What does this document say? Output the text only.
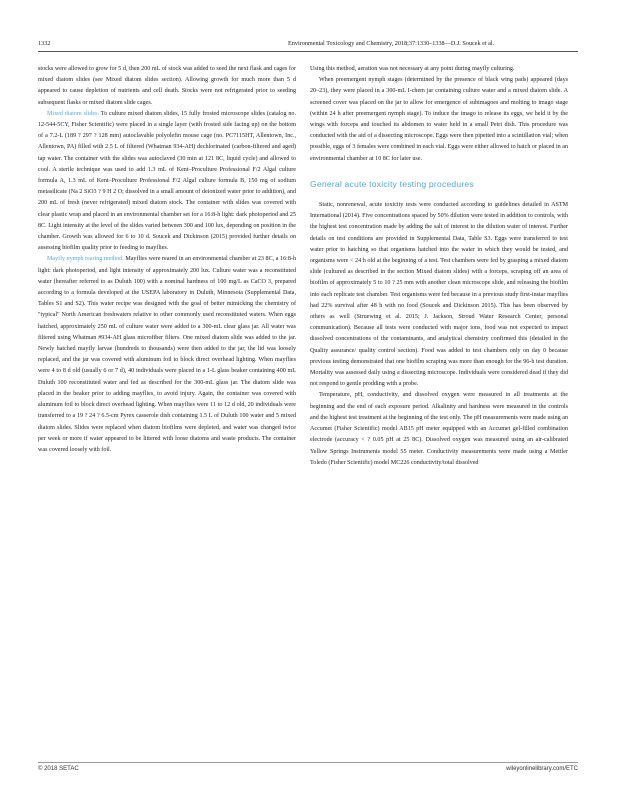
1332	Environmental Toxicology and Chemistry, 2018;37:1330–1338—D.J. Soucek et al.

stocks were allowed to grow for 5 d, then 200 mL of stock was added to seed the next flask and cages for mixed diatom slides (see Mixed diatom slides section). Allowing growth for much more than 5 d appeared to cause depletion of nutrients and cell death. Stocks were not refrigerated prior to seeding subsequent flasks or mixed diatom slide cages.

Mixed diatom slides. To culture mixed diatom slides, 15 fully frosted microscope slides (catalog no. 12-544-5CY, Fisher Scientific) were placed in a single layer (with frosted side facing up) on the bottom of a 7.2-L (189 ? 297 ? 128 mm) autoclavable polyolefin mouse cage (no. PC7115HT, Allentown, Inc., Allentown, PA) filled with 2.5 L of filtered (Whatman 934-AH) dechlorinated (carbon-filtered and aged) tap water. The container with the slides was autoclaved (30 min at 121 8C, liquid cycle) and allowed to cool. A sterile technique was used to add 1.3 mL of Kent–Proculture Professional F/2 Algal culture formula A, 1.3 mL of Kent–Proculture Professional F/2 Algal culture formula B, 150 mg of sodium metasilicate (Na 2 SiO3 ? 9 H 2 O; dissolved in a small amount of deionized water prior to addition), and 200 mL of fresh (never refrigerated) mixed diatom stock. The container with slides was covered with clear plastic wrap and placed in an environmental chamber set for a 16:8-h light: dark photoperiod and 25 8C. Light intensity at the level of the slides varied between 300 and 100 lux, depending on position in the chamber. Growth was allowed for 6 to 10 d. Soucek and Dickinson (2015) provided further details on assessing biofilm quality prior to feeding to mayflies.

Mayfly nymph rearing method. Mayflies were reared in an environmental chamber at 23 8C, a 16:8-h light: dark photoperiod, and light intensity of approximately 200 lux. Culture water was a reconstituted water (hereafter referred to as Duluth 100) with a nominal hardness of 100 mg/L as CaCO 3, prepared according to a formula developed at the USEPA laboratory in Duluth, Minnesota (Supplemental Data, Tables S1 and S2). This water recipe was designed with the goal of better mimicking the chemistry of "typical" North American freshwaters relative to other commonly used reconstituted waters. When eggs hatched, approximately 250 mL of culture water were added to a 300-mL clear glass jar. All water was filtered using Whatman #934-AH glass microfiber filters. One mixed diatom slide was added to the jar. Newly hatched mayfly larvae (hundreds to thousands) were then added to the jar, the lid was loosely replaced, and the jar was covered with aluminum foil to block direct overhead lighting. When mayflies were 4 to 8 d old (usually 6 or 7 d), 40 individuals were placed in a 1-L glass beaker containing 400 mL Duluth 100 reconstituted water and fed as described for the 300-mL glass jar. The diatom slide was placed in the beaker prior to adding mayflies, to avoid injury. Again, the container was covered with aluminum foil to block direct overhead lighting. When mayflies were 11 to 12 d old, 20 individuals were transferred to a 19 ? 24 ? 6.5-cm Pyrex casserole dish containing 1.5 L of Duluth 100 water and 5 mixed diatom slides. Slides were replaced when diatom biofilms were depleted, and water was changed twice per week or more if water appeared to be littered with loose diatoms and waste products. The container was covered loosely with foil.

Using this method, aeration was not necessary at any point during mayfly culturing.

When preemergent nymph stages (determined by the presence of black wing pads) appeared (days 20–23), they were placed in a 300-mL I-chem jar containing culture water and a mixed diatom slide. A screened cover was placed on the jar to allow for emergence of subimagoes and molting to imago stage (within 24 h after preemergent nymph stage). To induce the imago to release its eggs, we held it by the wings with forceps and touched its abdomen to water held in a small Petri dish. This procedure was conducted with the aid of a dissecting microscope. Eggs were then pipetted into a scintillation vial; when possible, eggs of 3 females were combined in each vial. Eggs were either allowed to hatch or placed in an environmental chamber at 10 8C for later use.

General acute toxicity testing procedures

Static, nonrenewal, acute toxicity tests were conducted according to guidelines detailed in ASTM International (2014). Five concentrations spaced by 50% dilution were tested in addition to controls, with the highest test concentration made by adding the salt of interest to the dilution water of interest. Further details on test conditions are provided in Supplemental Data, Table S3. Eggs were transferred to test water prior to hatching so that organisms hatched into the water in which they would be tested, and organisms were < 24 h old at the beginning of a test. Test chambers were fed by grasping a mixed diatom slide (cultured as described in the section Mixed diatom slides) with a forceps, scraping off an area of biofilm of approximately 5 to 10 ? 25 mm with another clean microscope slide, and releasing the biofilm into each replicate test chamber. Test organisms were fed because in a previous study first-instar mayflies had 22% survival after 48 h with no food (Soucek and Dickinson 2015). This has been observed by others as well (Struewing et al. 2015; J. Jackson, Stroud Water Research Center, personal communication). Because all tests were conducted with major ions, food was not expected to impact dissolved concentrations of the contaminants, and analytical chemistry confirmed this (detailed in the Quality assurance/ quality control section). Food was added to test chambers only on day 0 because previous testing demonstrated that one biofilm scraping was more than enough for the 96-h test duration. Mortality was assessed daily using a dissecting microscope. Individuals were considered dead if they did not respond to gentle prodding with a probe.

Temperature, pH, conductivity, and dissolved oxygen were measured in all treatments at the beginning and the end of each exposure period. Alkalinity and hardness were measured in the controls and the highest test treatment at the beginning of the test only. The pH measurements were made using an Accumet (Fisher Scientific) model AB15 pH meter equipped with an Accumet gel-filled combination electrode (accuracy < ? 0.05 pH at 25 8C). Dissolved oxygen was measured using an air-calibrated Yellow Springs Instruments model 55 meter. Conductivity measurements were made using a Mettler Toledo (Fisher Scientific) model MC226 conductivity/total dissolved

© 2018 SETAC	wileyonlinelibrary.com/ETC
